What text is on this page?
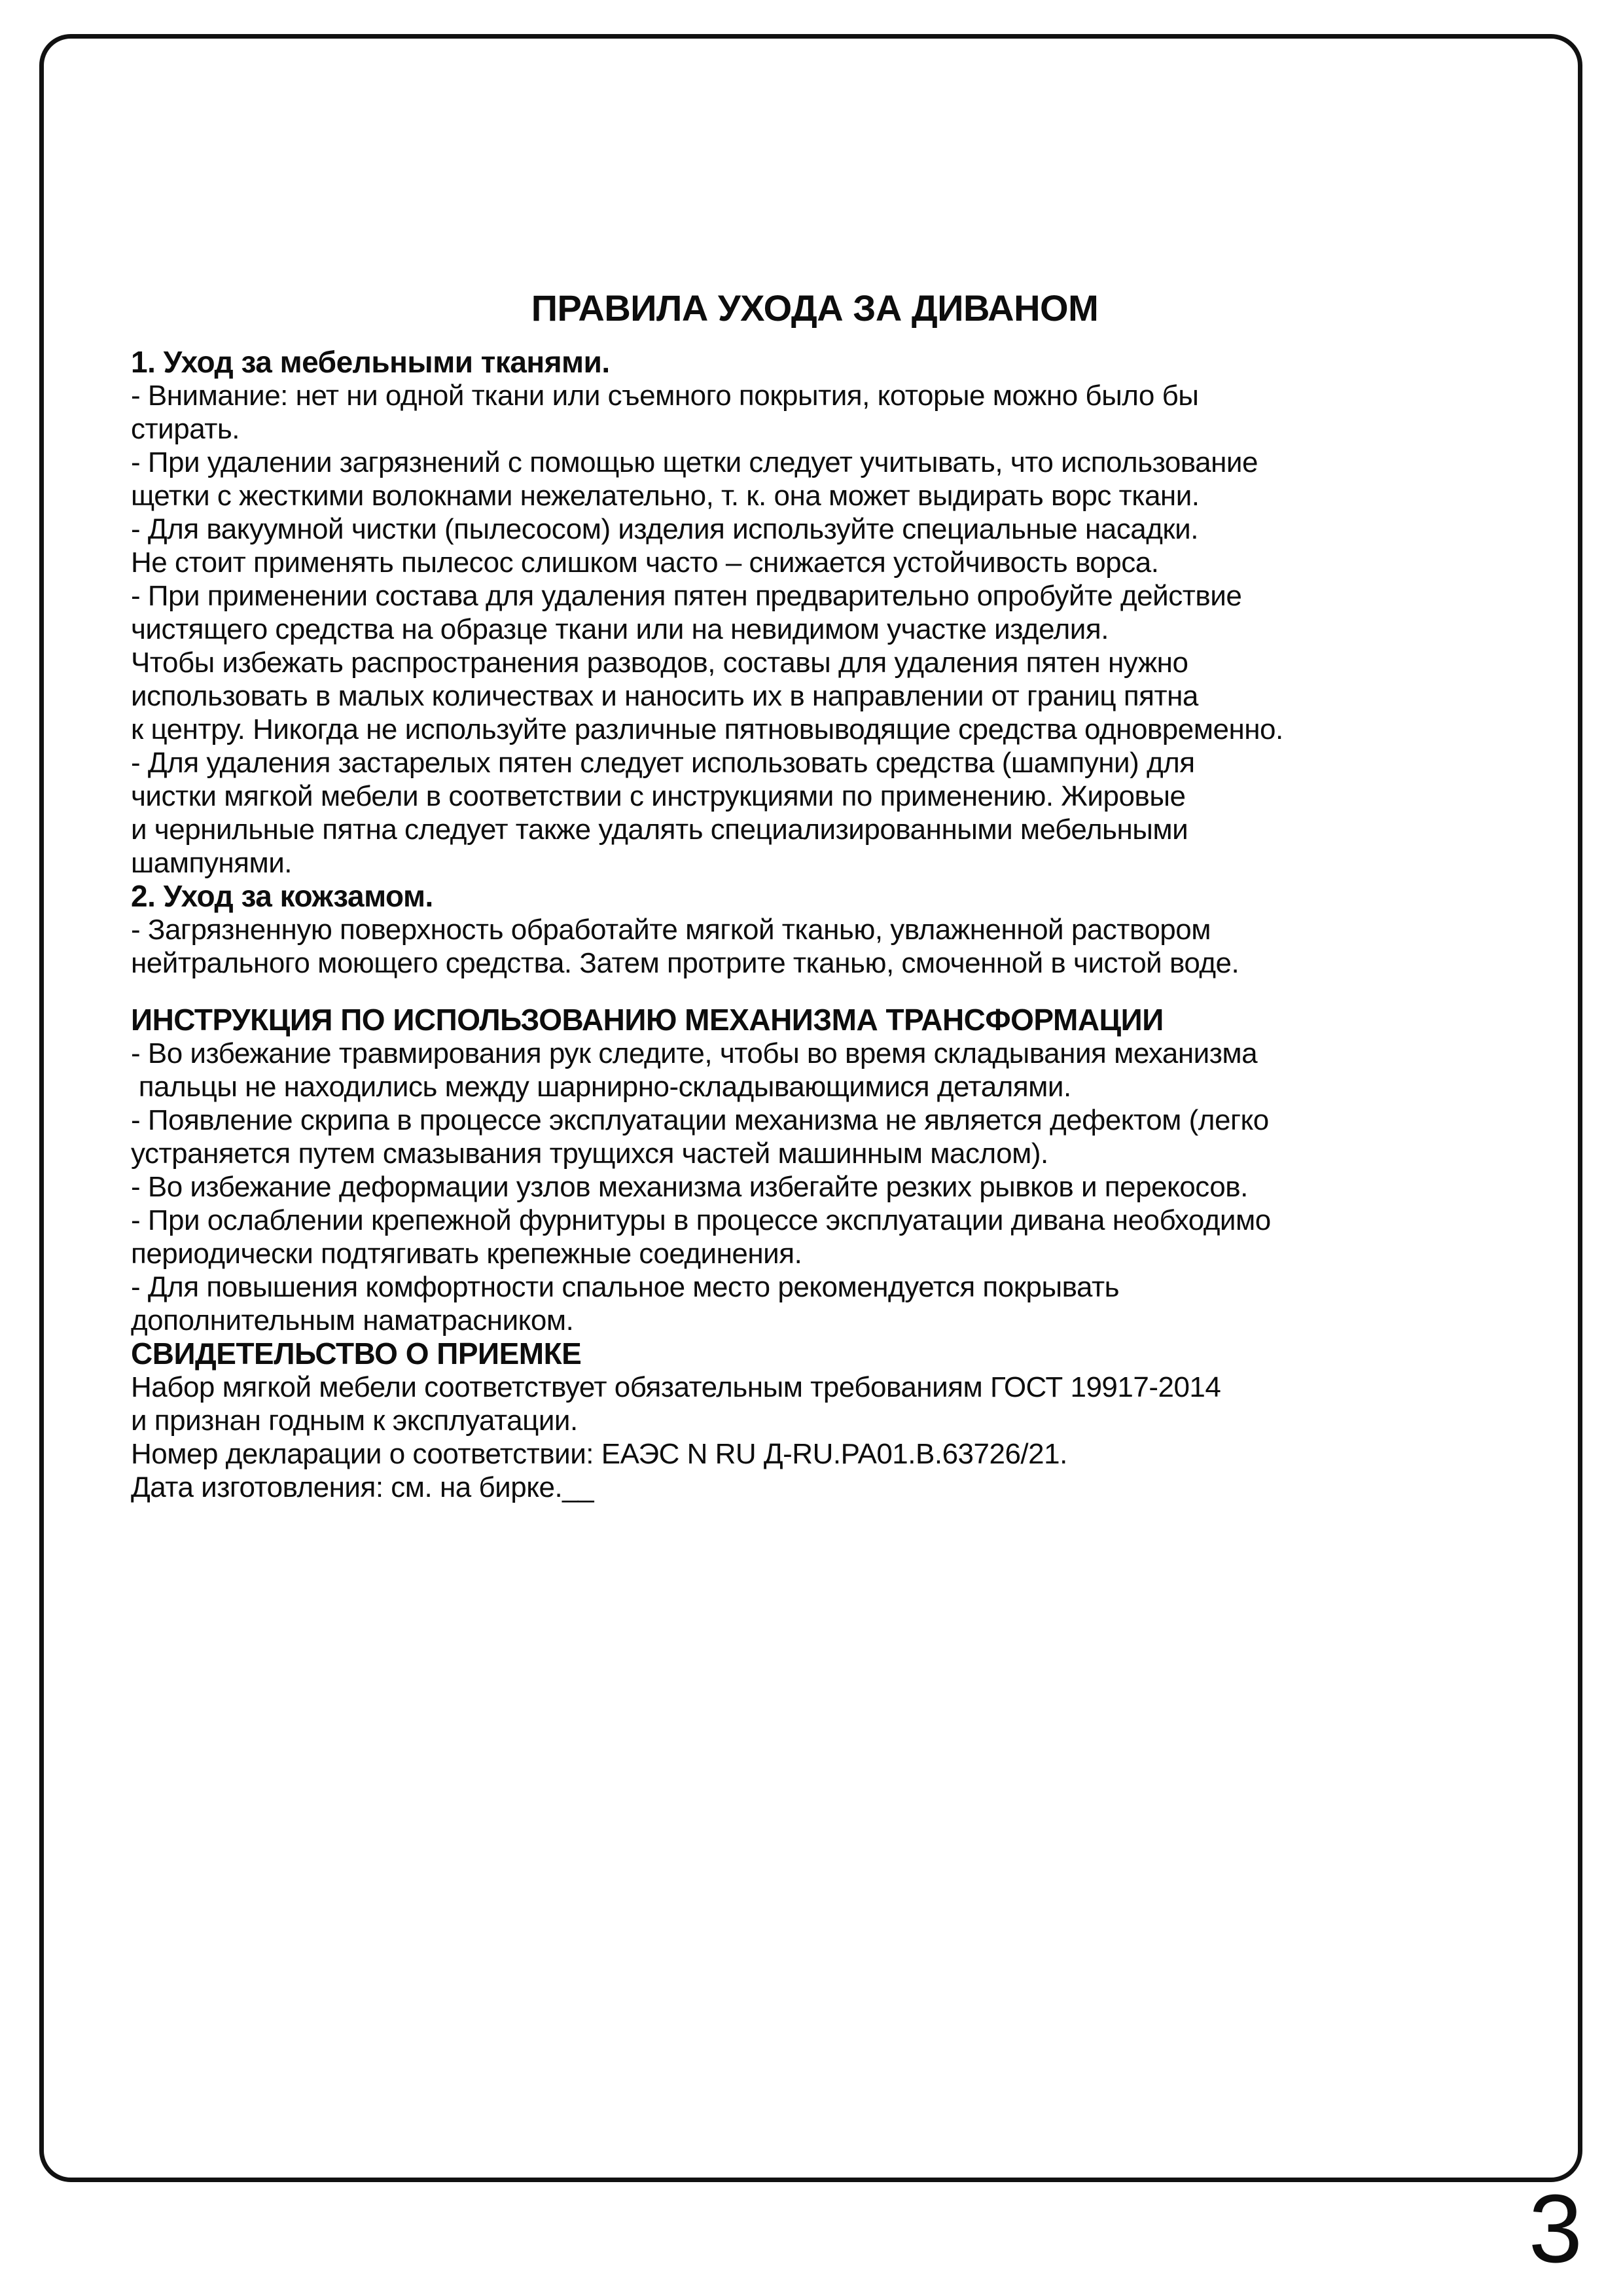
ПРАВИЛА УХОДА ЗА ДИВАНОМ

1. Уход за мебельными тканями.

- Внимание: нет ни одной ткани или съемного покрытия, которые можно было бы

стирать.

- При удалении загрязнений с помощью щетки следует учитывать, что использование

щетки с жесткими волокнами нежелательно, т. к. она может выдирать ворс ткани.

- Для вакуумной чистки (пылесосом) изделия используйте специальные насадки.

Не стоит применять пылесос слишком часто – снижается устойчивость ворса.

- При применении состава для удаления пятен предварительно опробуйте действие

чистящего средства на образце ткани или на невидимом участке изделия.

Чтобы избежать распространения разводов, составы для удаления пятен нужно

использовать в малых количествах и наносить их в направлении от границ пятна

к центру. Никогда не используйте различные пятновыводящие средства одновременно.

- Для удаления застарелых пятен следует использовать средства (шампуни) для

чистки мягкой мебели в соответствии с инструкциями по применению. Жировые

и чернильные пятна следует также удалять специализированными мебельными

шампунями.

2. Уход за кожзамом.

- Загрязненную поверхность обработайте мягкой тканью, увлажненной раствором

нейтрального моющего средства. Затем протрите тканью, смоченной в чистой воде.

ИНСТРУКЦИЯ ПО ИСПОЛЬЗОВАНИЮ МЕХАНИЗМА ТРАНСФОРМАЦИИ

- Во избежание травмирования рук следите, чтобы во время складывания механизма

пальцы не находились между шарнирно-складывающимися деталями.

- Появление скрипа в процессе эксплуатации механизма не является дефектом (легко

устраняется путем смазывания трущихся частей машинным маслом).

- Во избежание деформации узлов механизма избегайте резких рывков и перекосов.

- При ослаблении крепежной фурнитуры в процессе эксплуатации дивана необходимо

периодически подтягивать крепежные соединения.

- Для повышения комфортности спальное место рекомендуется покрывать

дополнительным наматрасником.

СВИДЕТЕЛЬСТВО О ПРИЕМКЕ

Набор мягкой мебели соответствует обязательным требованиям ГОСТ 19917-2014

и признан годным к эксплуатации.

Номер декларации о соответствии: ЕАЭС N RU Д-RU.РА01.В.63726/21.

Дата изготовления: см. на бирке.__

3
